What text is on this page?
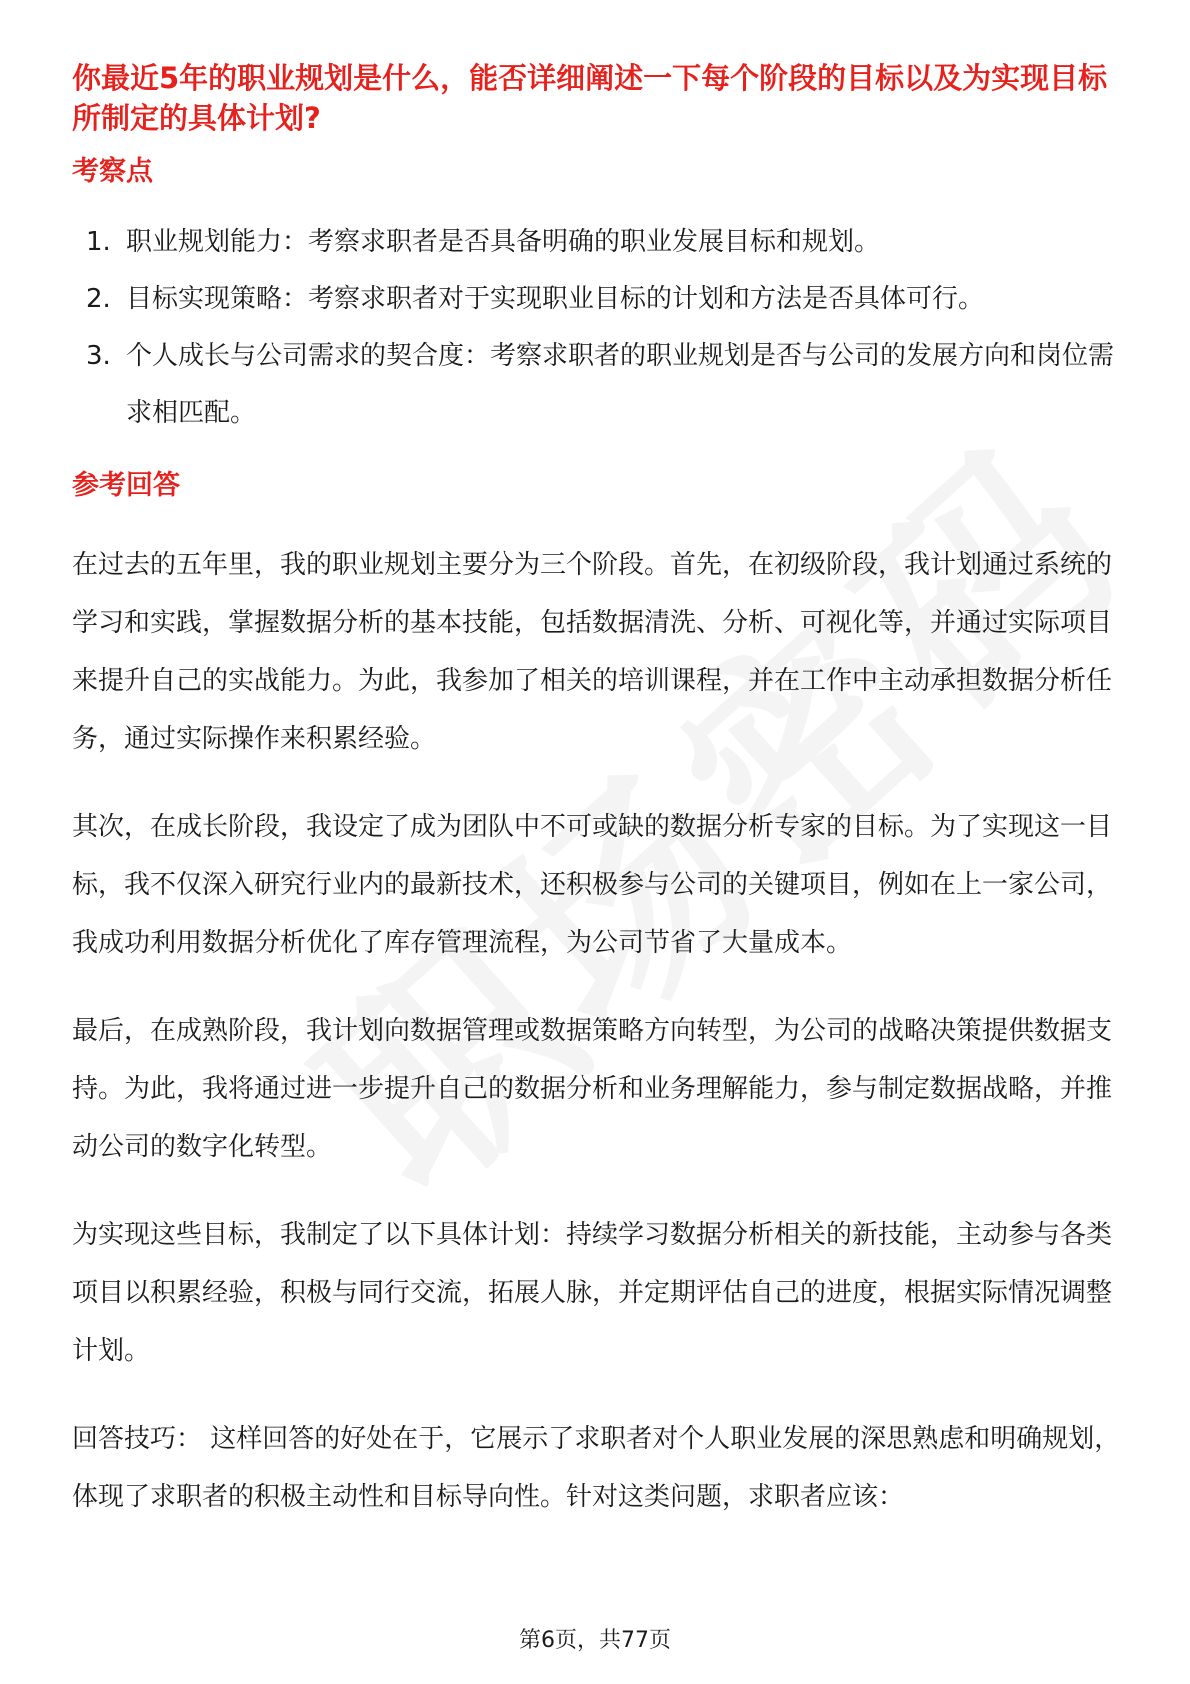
你最近5年的职业规划是什么，能否详细阐述一下每个阶段的目标以及为实现目标所制定的具体计划?

考察点

1. 职业规划能力：考察求职者是否具备明确的职业发展目标和规划。
2. 目标实现策略：考察求职者对于实现职业目标的计划和方法是否具体可行。
3. 个人成长与公司需求的契合度：考察求职者的职业规划是否与公司的发展方向和岗位需求相匹配。

参考回答

在过去的五年里，我的职业规划主要分为三个阶段。首先，在初级阶段，我计划通过系统的学习和实践，掌握数据分析的基本技能，包括数据清洗、分析、可视化等，并通过实际项目来提升自己的实战能力。为此，我参加了相关的培训课程，并在工作中主动承担数据分析任务，通过实际操作来积累经验。

其次，在成长阶段，我设定了成为团队中不可或缺的数据分析专家的目标。为了实现这一目标，我不仅深入研究行业内的最新技术，还积极参与公司的关键项目，例如在上一家公司，我成功利用数据分析优化了库存管理流程，为公司节省了大量成本。

最后，在成熟阶段，我计划向数据管理或数据策略方向转型，为公司的战略决策提供数据支持。为此，我将通过进一步提升自己的数据分析和业务理解能力，参与制定数据战略，并推动公司的数字化转型。

为实现这些目标，我制定了以下具体计划：持续学习数据分析相关的新技能，主动参与各类项目以积累经验，积极与同行交流，拓展人脉，并定期评估自己的进度，根据实际情况调整计划。

回答技巧： 这样回答的好处在于，它展示了求职者对个人职业发展的深思熟虑和明确规划，体现了求职者的积极主动性和目标导向性。针对这类问题，求职者应该：

第6页，共77页
